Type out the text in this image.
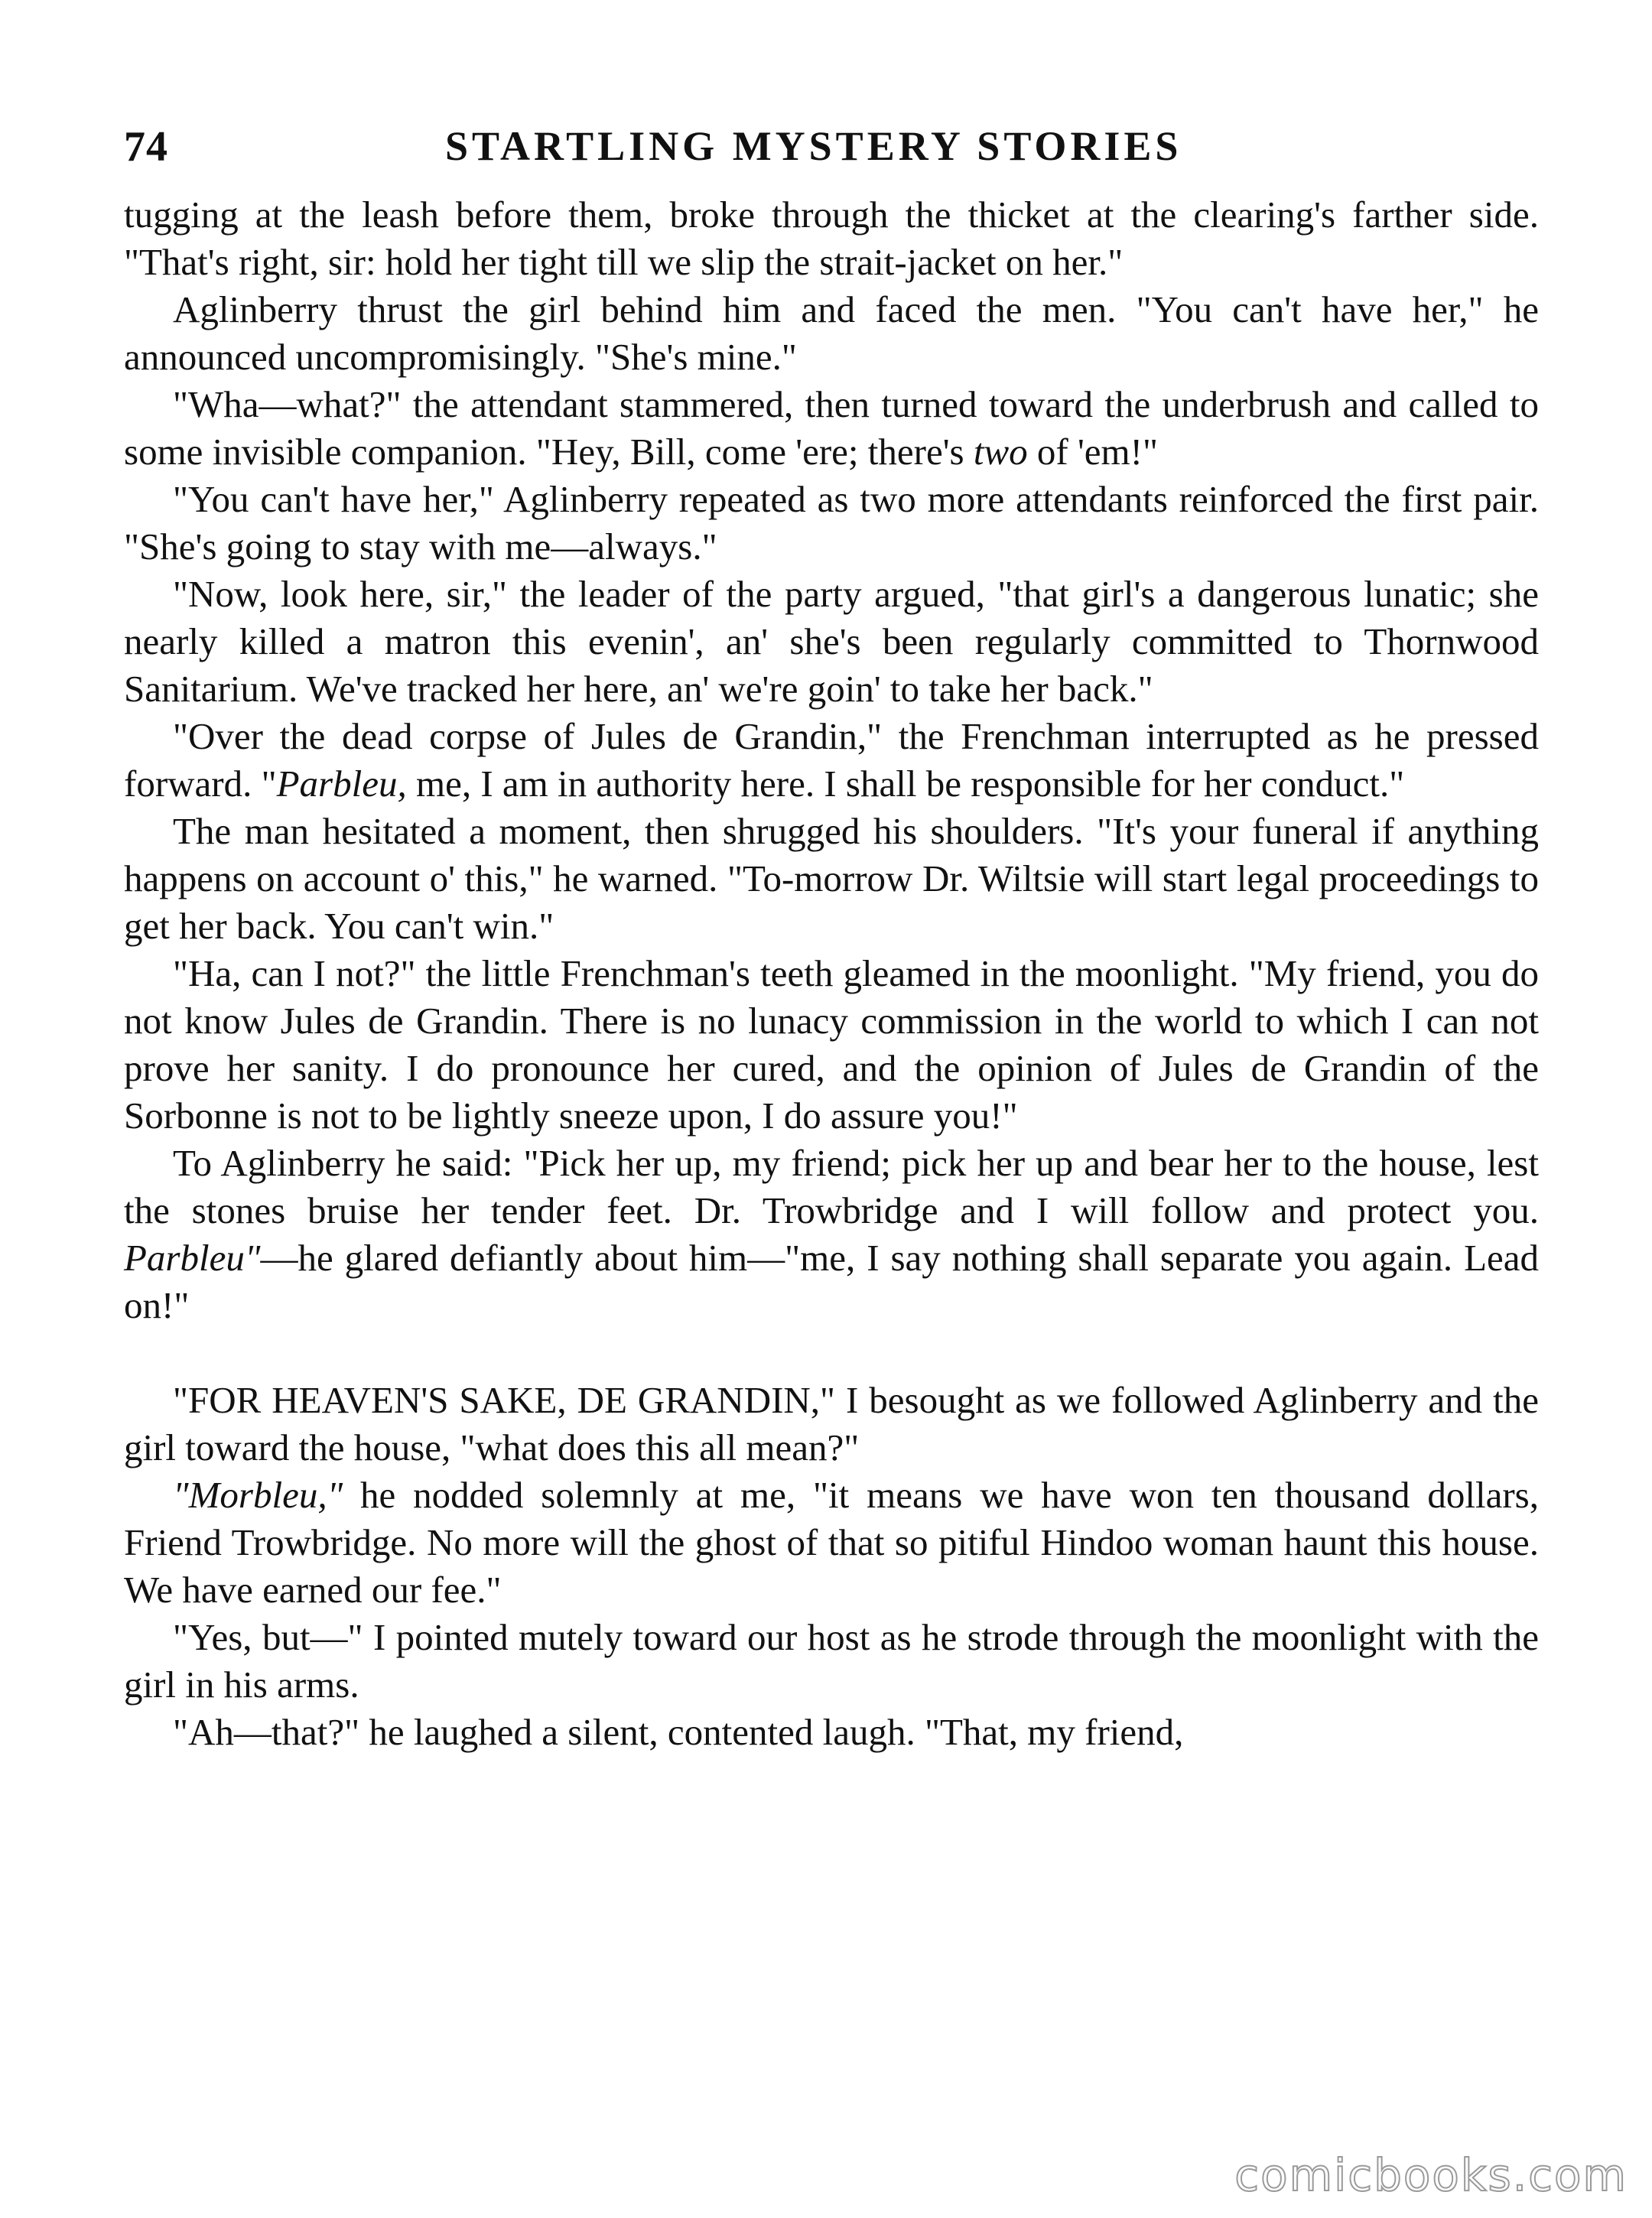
74	STARTLING MYSTERY STORIES

tugging at the leash before them, broke through the thicket at the clearing's farther side. "That's right, sir: hold her tight till we slip the strait-jacket on her."

Aglinberry thrust the girl behind him and faced the men. "You can't have her," he announced uncompromisingly. "She's mine."

"Wha—what?" the attendant stammered, then turned toward the underbrush and called to some invisible companion. "Hey, Bill, come 'ere; there's two of 'em!"

"You can't have her," Aglinberry repeated as two more attendants reinforced the first pair. "She's going to stay with me—always."

"Now, look here, sir," the leader of the party argued, "that girl's a dangerous lunatic; she nearly killed a matron this evenin', an' she's been regularly committed to Thornwood Sanitarium. We've tracked her here, an' we're goin' to take her back."

"Over the dead corpse of Jules de Grandin," the Frenchman interrupted as he pressed forward. "Parbleu, me, I am in authority here. I shall be responsible for her conduct."

The man hesitated a moment, then shrugged his shoulders. "It's your funeral if anything happens on account o' this," he warned. "To-morrow Dr. Wiltsie will start legal proceedings to get her back. You can't win."

"Ha, can I not?" the little Frenchman's teeth gleamed in the moonlight. "My friend, you do not know Jules de Grandin. There is no lunacy commission in the world to which I can not prove her sanity. I do pronounce her cured, and the opinion of Jules de Grandin of the Sorbonne is not to be lightly sneeze upon, I do assure you!"

To Aglinberry he said: "Pick her up, my friend; pick her up and bear her to the house, lest the stones bruise her tender feet. Dr. Trowbridge and I will follow and protect you. Parbleu"—he glared defiantly about him—"me, I say nothing shall separate you again. Lead on!"

"FOR HEAVEN'S SAKE, DE GRANDIN," I besought as we followed Aglinberry and the girl toward the house, "what does this all mean?"

"Morbleu," he nodded solemnly at me, "it means we have won ten thousand dollars, Friend Trowbridge. No more will the ghost of that so pitiful Hindoo woman haunt this house. We have earned our fee."

"Yes, but—" I pointed mutely toward our host as he strode through the moonlight with the girl in his arms.

"Ah—that?" he laughed a silent, contented laugh. "That, my friend,

comicbooks.com
